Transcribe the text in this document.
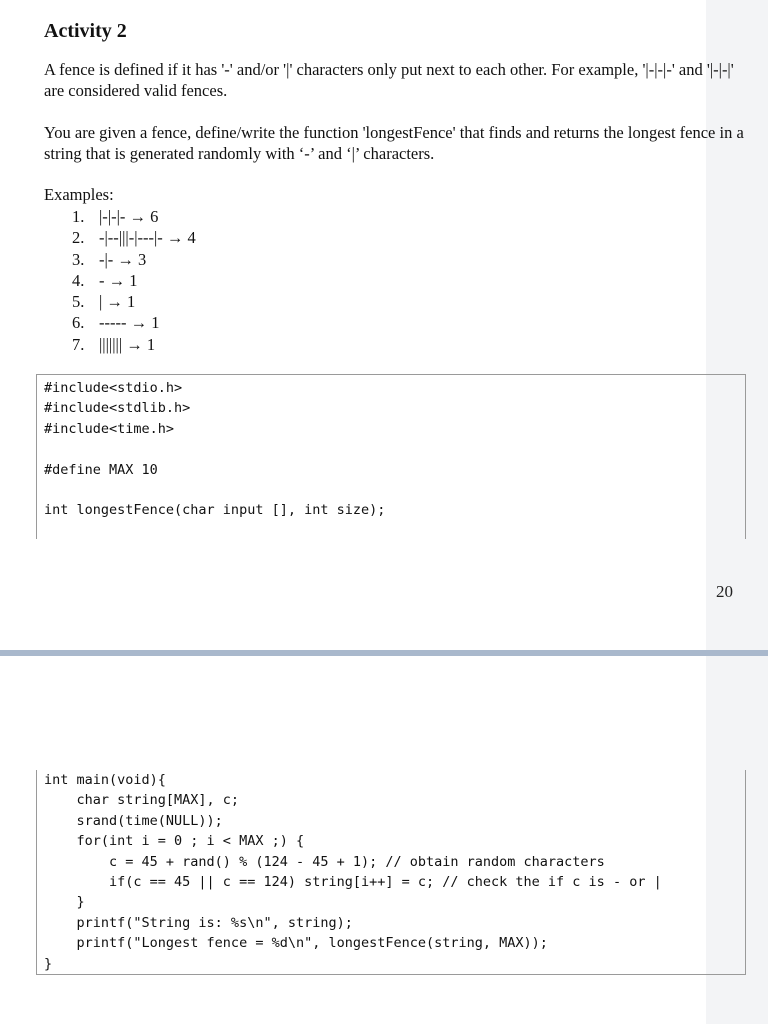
Activity 2
A fence is defined if it has '-' and/or '|' characters only put next to each other. For example, '|-|-|-' and '|-|-|' are considered valid fences.
You are given a fence, define/write the function 'longestFence' that finds and returns the longest fence in a string that is generated randomly with ‘-’ and ‘|’ characters.
Examples:
1. |-|-|- → 6
2. -|--|||-|---|- → 4
3. -|- → 3
4. - → 1
5. | → 1
6. ----- → 1
7. ||||||| → 1
#include<stdio.h>
#include<stdlib.h>
#include<time.h>

#define MAX 10

int longestFence(char input [], int size);
20
int main(void){
char string[MAX], c;
srand(time(NULL));
for(int i = 0 ; i < MAX ;) {
c = 45 + rand() % (124 - 45 + 1); // obtain random characters
if(c == 45 || c == 124) string[i++] = c; // check the if c is - or |
}
printf("String is: %s\n", string);
printf("Longest fence = %d\n", longestFence(string, MAX));
}
